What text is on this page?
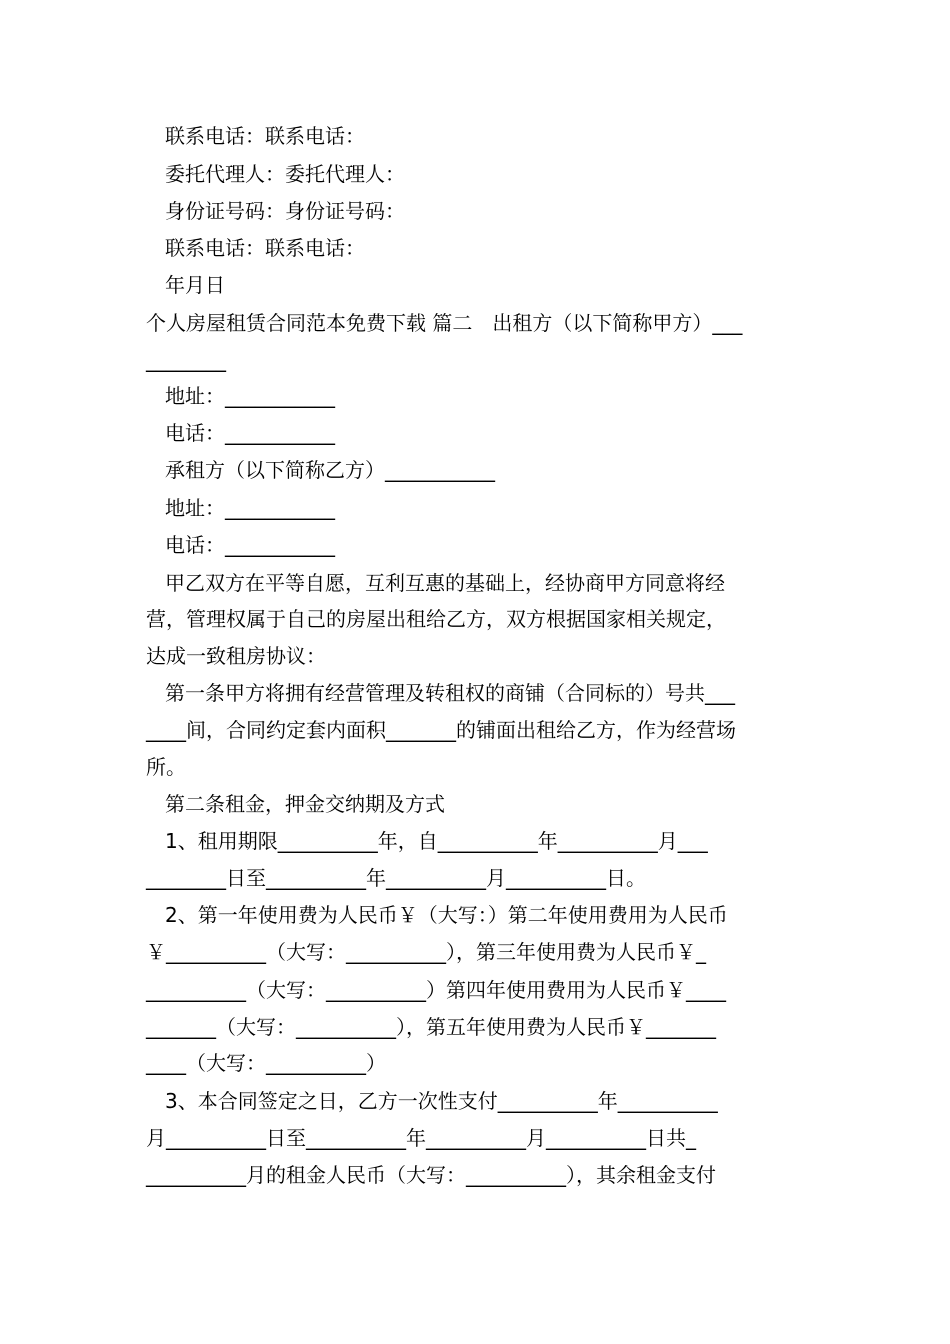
联系电话：联系电话：
委托代理人：委托代理人：
身份证号码：身份证号码：
联系电话：联系电话：
年月日
个人房屋租赁合同范本免费下载 篇二　出租方（以下简称甲方）___
________
地址：___________
电话：___________
承租方（以下简称乙方）___________
地址：___________
电话：___________
甲乙双方在平等自愿，互利互惠的基础上，经协商甲方同意将经
营，管理权属于自己的房屋出租给乙方，双方根据国家相关规定，
达成一致租房协议：
第一条甲方将拥有经营管理及转租权的商铺（合同标的）号共___
____间，合同约定套内面积_______的铺面出租给乙方，作为经营场
所。
第二条租金，押金交纳期及方式
1、租用期限__________年，自__________年__________月___
________日至__________年__________月__________日。
2、第一年使用费为人民币￥（大写：）第二年使用费用为人民币
￥__________（大写：__________），第三年使用费为人民币￥_
__________（大写：__________）第四年使用费用为人民币￥____
_______（大写：__________），第五年使用费为人民币￥_______
____（大写：__________）
3、本合同签定之日，乙方一次性支付__________年__________
月__________日至__________年__________月__________日共_
__________月的租金人民币（大写：__________），其余租金支付
